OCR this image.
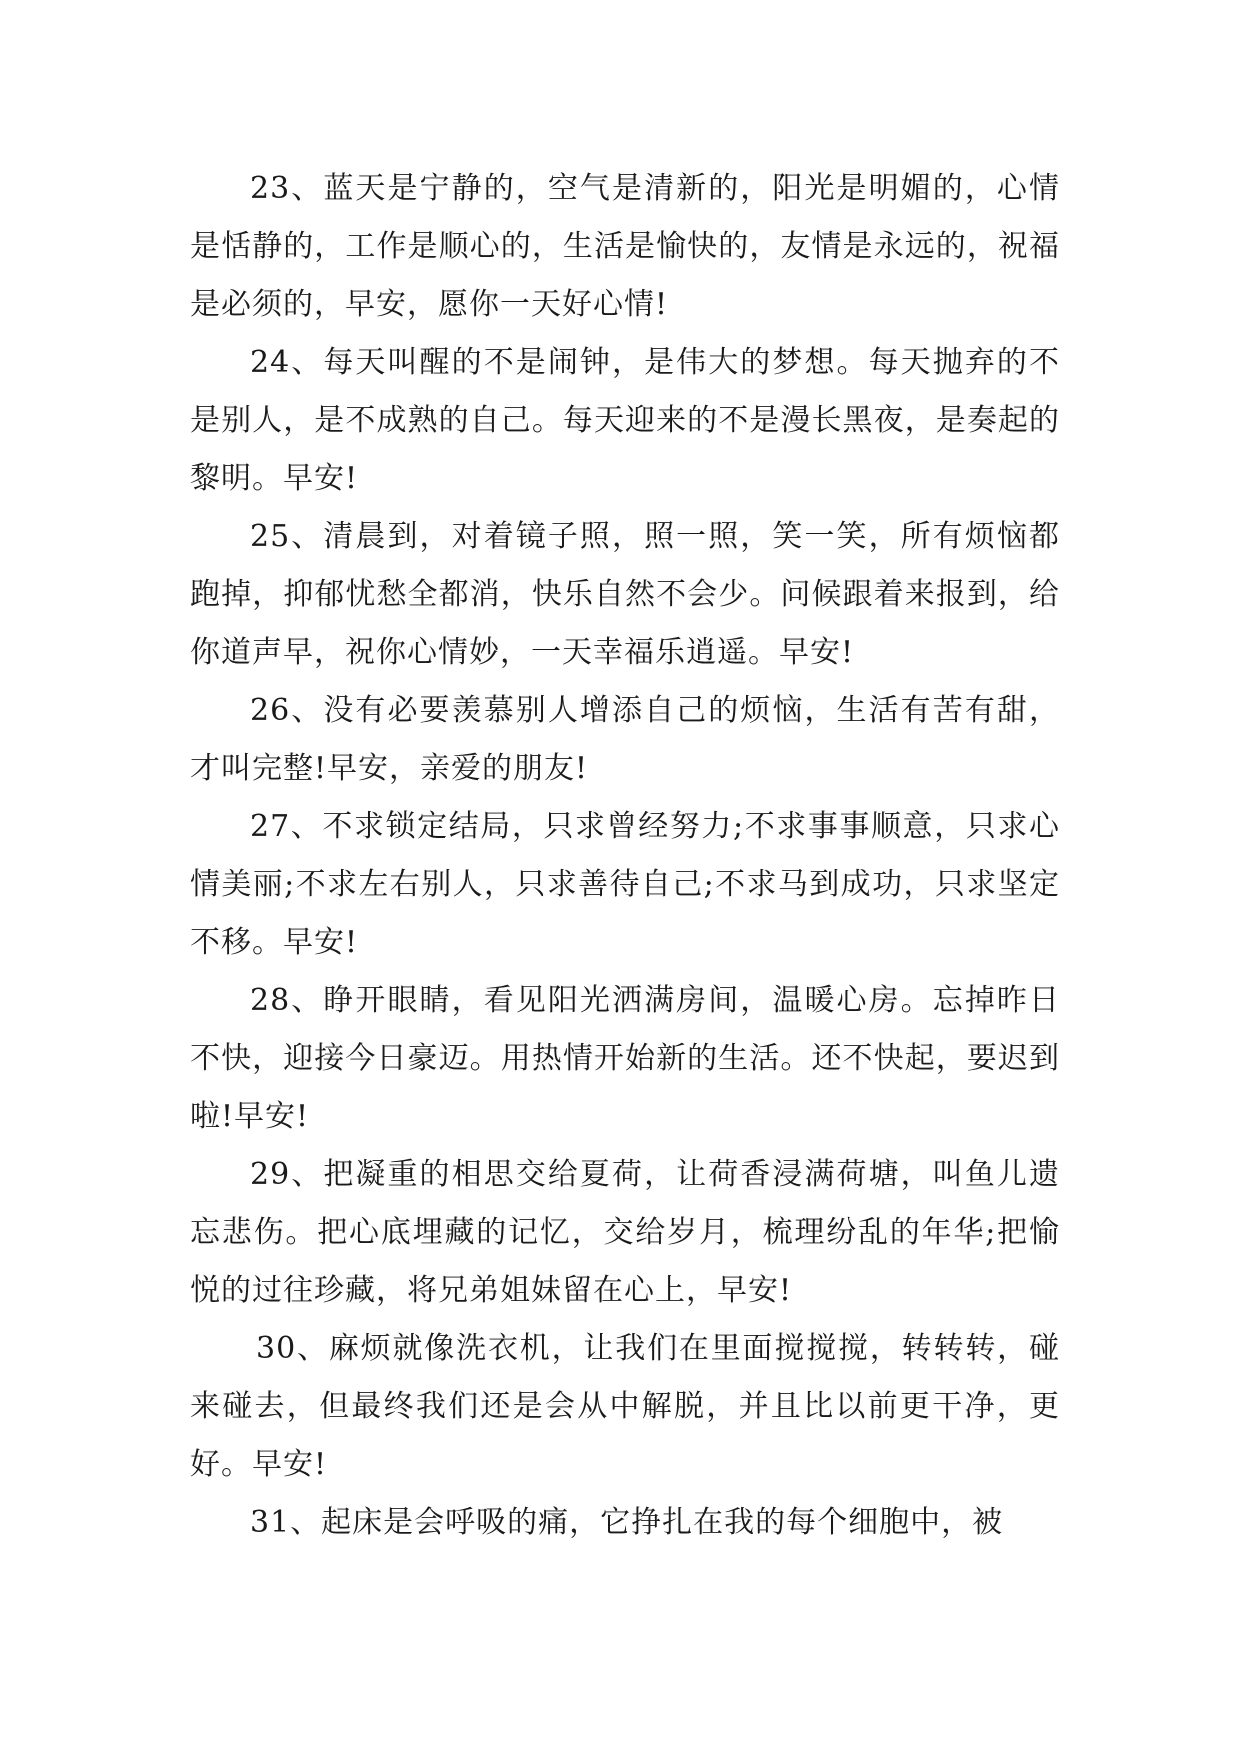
23、蓝天是宁静的，空气是清新的，阳光是明媚的，心情是恬静的，工作是顺心的，生活是愉快的，友情是永远的，祝福是必须的，早安，愿你一天好心情!

24、每天叫醒的不是闹钟，是伟大的梦想。每天抛弃的不是别人，是不成熟的自己。每天迎来的不是漫长黑夜，是奏起的黎明。早安!

25、清晨到，对着镜子照，照一照，笑一笑，所有烦恼都跑掉，抑郁忧愁全都消，快乐自然不会少。问候跟着来报到，给你道声早，祝你心情妙，一天幸福乐逍遥。早安!

26、没有必要羡慕别人增添自己的烦恼，生活有苦有甜，才叫完整!早安，亲爱的朋友!

27、不求锁定结局，只求曾经努力;不求事事顺意，只求心情美丽;不求左右别人，只求善待自己;不求马到成功，只求坚定不移。早安!

28、睁开眼睛，看见阳光洒满房间，温暖心房。忘掉昨日不快，迎接今日豪迈。用热情开始新的生活。还不快起，要迟到啦!早安!

29、把凝重的相思交给夏荷，让荷香浸满荷塘，叫鱼儿遗忘悲伤。把心底埋藏的记忆，交给岁月，梳理纷乱的年华;把愉悦的过往珍藏，将兄弟姐妹留在心上，早安!

30、麻烦就像洗衣机，让我们在里面搅搅搅，转转转，碰来碰去，但最终我们还是会从中解脱，并且比以前更干净，更好。早安!

31、起床是会呼吸的痛，它挣扎在我的每个细胞中，被
